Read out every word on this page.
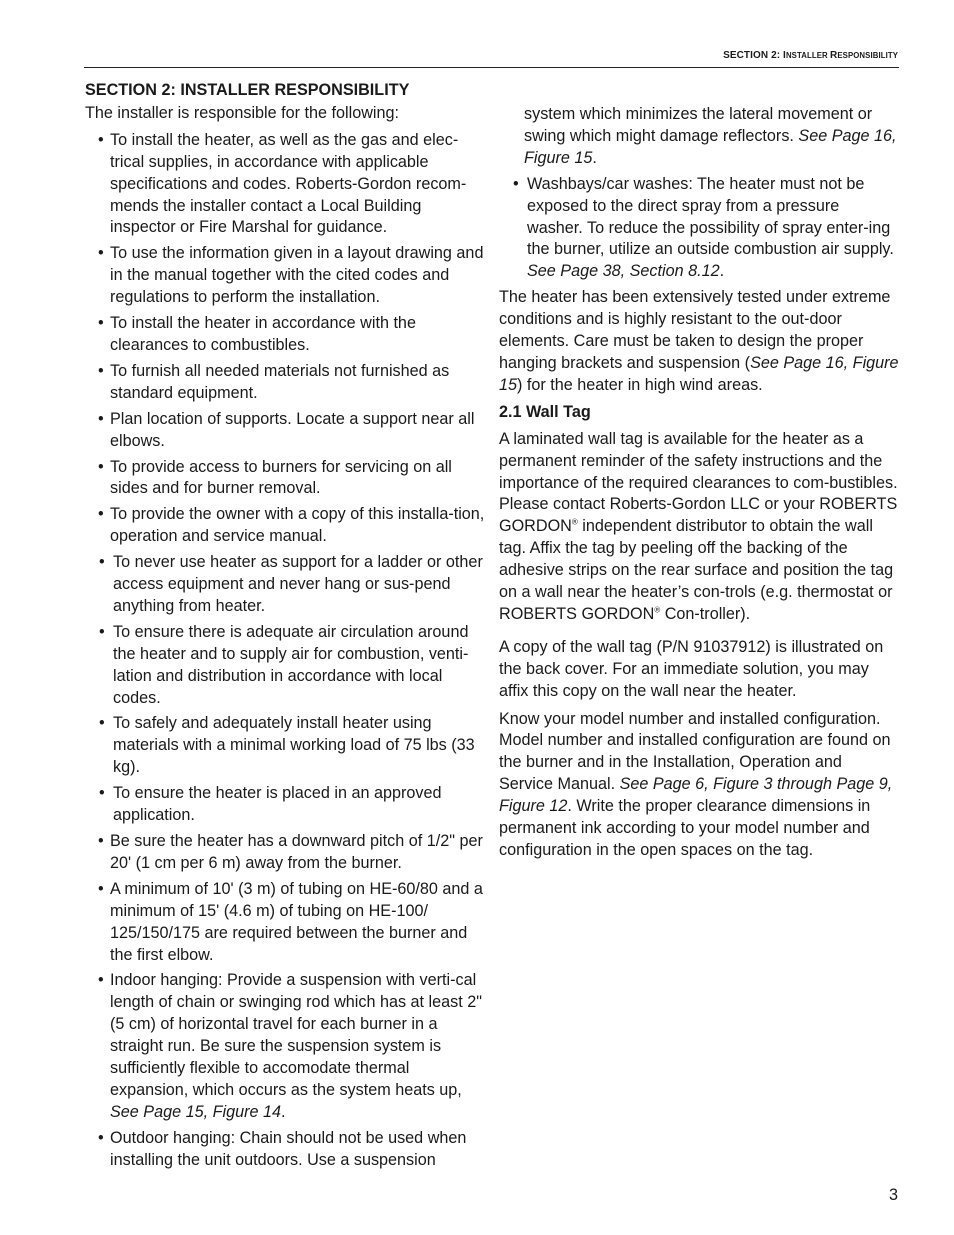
SECTION 2: INSTALLER RESPONSIBILITY
SECTION 2: INSTALLER RESPONSIBILITY

The installer is responsible for the following:

• To install the heater, as well as the gas and elec-trical supplies, in accordance with applicable specifications and codes. Roberts-Gordon recom-mends the installer contact a Local Building inspector or Fire Marshal for guidance.
• To use the information given in a layout drawing and in the manual together with the cited codes and regulations to perform the installation.
• To install the heater in accordance with the clearances to combustibles.
• To furnish all needed materials not furnished as standard equipment.
• Plan location of supports. Locate a support near all elbows.
• To provide access to burners for servicing on all sides and for burner removal.
• To provide the owner with a copy of this installa-tion, operation and service manual.
• To never use heater as support for a ladder or other access equipment and never hang or sus-pend anything from heater.
• To ensure there is adequate air circulation around the heater and to supply air for combustion, venti-lation and distribution in accordance with local codes.
• To safely and adequately install heater using materials with a minimal working load of 75 lbs (33 kg).
• To ensure the heater is placed in an approved application.
• Be sure the heater has a downward pitch of 1/2" per 20' (1 cm per 6 m) away from the burner.
• A minimum of 10' (3 m) of tubing on HE-60/80 and a minimum of 15' (4.6 m) of tubing on HE-100/ 125/150/175 are required between the burner and the first elbow.
• Indoor hanging: Provide a suspension with verti-cal length of chain or swinging rod which has at least 2" (5 cm) of horizontal travel for each burner in a straight run. Be sure the suspension system is sufficiently flexible to accomodate thermal expansion, which occurs as the system heats up, See Page 15, Figure 14.
• Outdoor hanging: Chain should not be used when installing the unit outdoors. Use a suspension
system which minimizes the lateral movement or swing which might damage reflectors. See Page 16, Figure 15.
• Washbays/car washes: The heater must not be exposed to the direct spray from a pressure washer. To reduce the possibility of spray enter-ing the burner, utilize an outside combustion air supply. See Page 38, Section 8.12.

The heater has been extensively tested under extreme conditions and is highly resistant to the out-door elements. Care must be taken to design the proper hanging brackets and suspension (See Page 16, Figure 15) for the heater in high wind areas.

2.1 Wall Tag

A laminated wall tag is available for the heater as a permanent reminder of the safety instructions and the importance of the required clearances to com-bustibles. Please contact Roberts-Gordon LLC or your ROBERTS GORDON® independent distributor to obtain the wall tag. Affix the tag by peeling off the backing of the adhesive strips on the rear surface and position the tag on a wall near the heater’s con-trols (e.g. thermostat or ROBERTS GORDON® Con-troller).

A copy of the wall tag (P/N 91037912) is illustrated on the back cover. For an immediate solution, you may affix this copy on the wall near the heater.

Know your model number and installed configuration. Model number and installed configuration are found on the burner and in the Installation, Operation and Service Manual. See Page 6, Figure 3 through Page 9, Figure 12. Write the proper clearance dimensions in permanent ink according to your model number and configuration in the open spaces on the tag.

3
